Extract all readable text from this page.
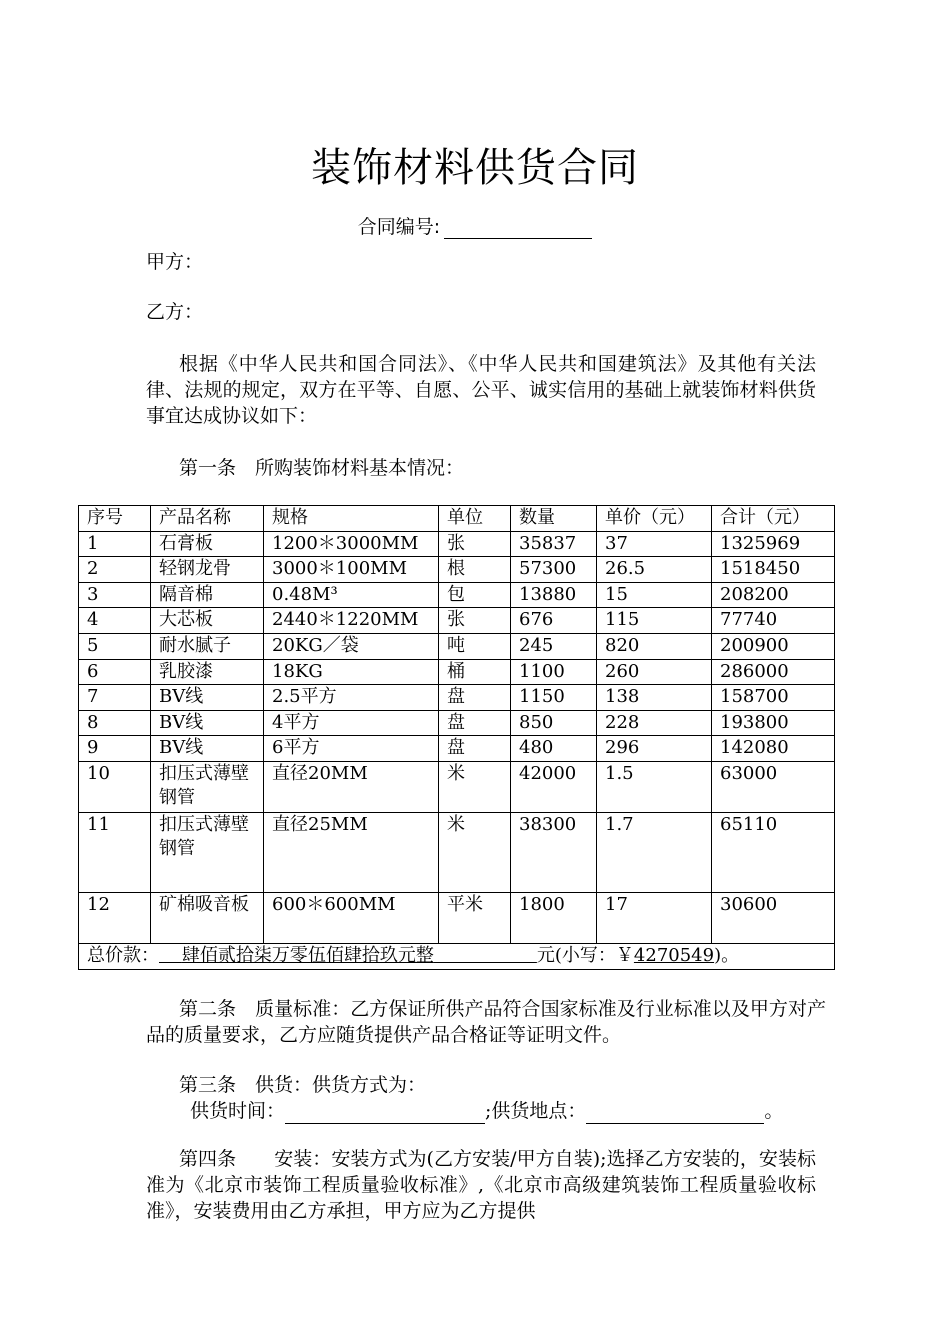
装饰材料供货合同
合同编号:
甲方：
乙方：
根据《中华人民共和国合同法》、《中华人民共和国建筑法》及其他有关法律、法规的规定，双方在平等、自愿、公平、诚实信用的基础上就装饰材料供货事宜达成协议如下：
第一条　所购装饰材料基本情况：
序号	产品名称	规格	单位	数量	单价（元）	合计（元）
1	石膏板	1200＊3000MM	张	35837	37	1325969
2	轻钢龙骨	3000＊100MM	根	57300	26.5	1518450
3	隔音棉	0.48M³	包	13880	15	208200
4	大芯板	2440＊1220MM	张	676	115	77740
5	耐水腻子	20KG／袋	吨	245	820	200900
6	乳胶漆	18KG	桶	1100	260	286000
7	BV线	2.5平方	盘	1150	138	158700
8	BV线	4平方	盘	850	228	193800
9	BV线	6平方	盘	480	296	142080
10	扣压式薄壁钢管	直径20MM	米	42000	1.5	63000
11	扣压式薄壁钢管	直径25MM	米	38300	1.7	65110
12	矿棉吸音板	600＊600MM	平米	1800	17	30600
总价款： 肆佰贰拾柒万零伍佰肆拾玖元整 元(小写：￥4270549)。						
第二条　质量标准：乙方保证所供产品符合国家标准及行业标准以及甲方对产品的质量要求，乙方应随货提供产品合格证等证明文件。
第三条　供货：供货方式为：
供货时间：	;供货地点：	。
第四条　　安装：安装方式为(乙方安装/甲方自装);选择乙方安装的，安装标准为《北京市装饰工程质量验收标准》,《北京市高级建筑装饰工程质量验收标准》，安装费用由乙方承担，甲方应为乙方提供
